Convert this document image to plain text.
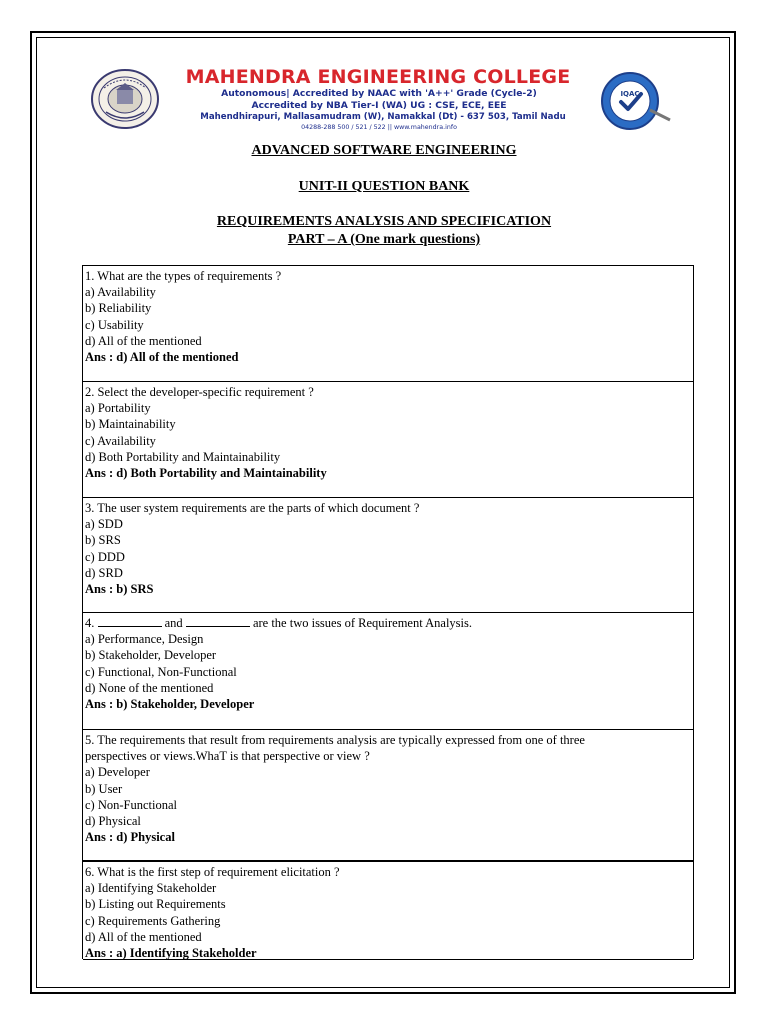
MAHENDRA ENGINEERING COLLEGE
Autonomous| Accredited by NAAC with 'A++' Grade (Cycle-2)
Accredited by NBA Tier-I (WA) UG : CSE, ECE, EEE
Mahendhirapuri, Mallasamudram (W), Namakkal (Dt) - 637 503, Tamil Nadu
04288-288 500 / 521 / 522 || www.mahendra.info
IQAC
ADVANCED SOFTWARE ENGINEERING
UNIT-II QUESTION BANK
REQUIREMENTS ANALYSIS AND SPECIFICATION
PART – A (One mark questions)
1. What are the types of requirements ?
a) Availability
b) Reliability
c) Usability
d) All of the mentioned
Ans : d) All of the mentioned
2. Select the developer-specific requirement ?
a) Portability
b) Maintainability
c) Availability
d) Both Portability and Maintainability
Ans : d) Both Portability and Maintainability
3. The user system requirements are the parts of which document ?
a) SDD
b) SRS
c) DDD
d) SRD
Ans : b) SRS
4.	and	are the two issues of Requirement Analysis.
a) Performance, Design
b) Stakeholder, Developer
c) Functional, Non-Functional
d) None of the mentioned
Ans : b) Stakeholder, Developer
5. The requirements that result from requirements analysis are typically expressed from one of three
perspectives or views.WhaT is that perspective or view ?
a) Developer
b) User
c) Non-Functional
d) Physical
Ans : d) Physical
6. What is the first step of requirement elicitation ?
a) Identifying Stakeholder
b) Listing out Requirements
c) Requirements Gathering
d) All of the mentioned
Ans : a) Identifying Stakeholder
